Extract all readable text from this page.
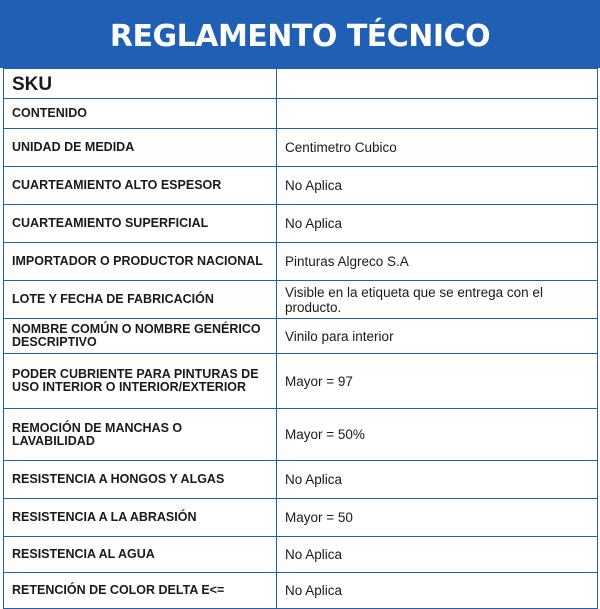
REGLAMENTO TÉCNICO
SKU	
CONTENIDO	
UNIDAD DE MEDIDA	Centimetro Cubico
CUARTEAMIENTO ALTO ESPESOR	No Aplica
CUARTEAMIENTO SUPERFICIAL	No Aplica
IMPORTADOR O PRODUCTOR NACIONAL	Pinturas Algreco S.A
LOTE Y FECHA DE FABRICACIÓN	Visible en la etiqueta que se entrega con el producto.
NOMBRE COMÚN O NOMBRE GENÉRICO DESCRIPTIVO	Vinilo para interior
PODER CUBRIENTE PARA PINTURAS DE USO INTERIOR O INTERIOR/EXTERIOR	Mayor = 97
REMOCIÓN DE MANCHAS O LAVABILIDAD	Mayor = 50%
RESISTENCIA A HONGOS Y ALGAS	No Aplica
RESISTENCIA A LA ABRASIÓN	Mayor = 50
RESISTENCIA AL AGUA	No Aplica
RETENCIÓN DE COLOR DELTA E<=	No Aplica
